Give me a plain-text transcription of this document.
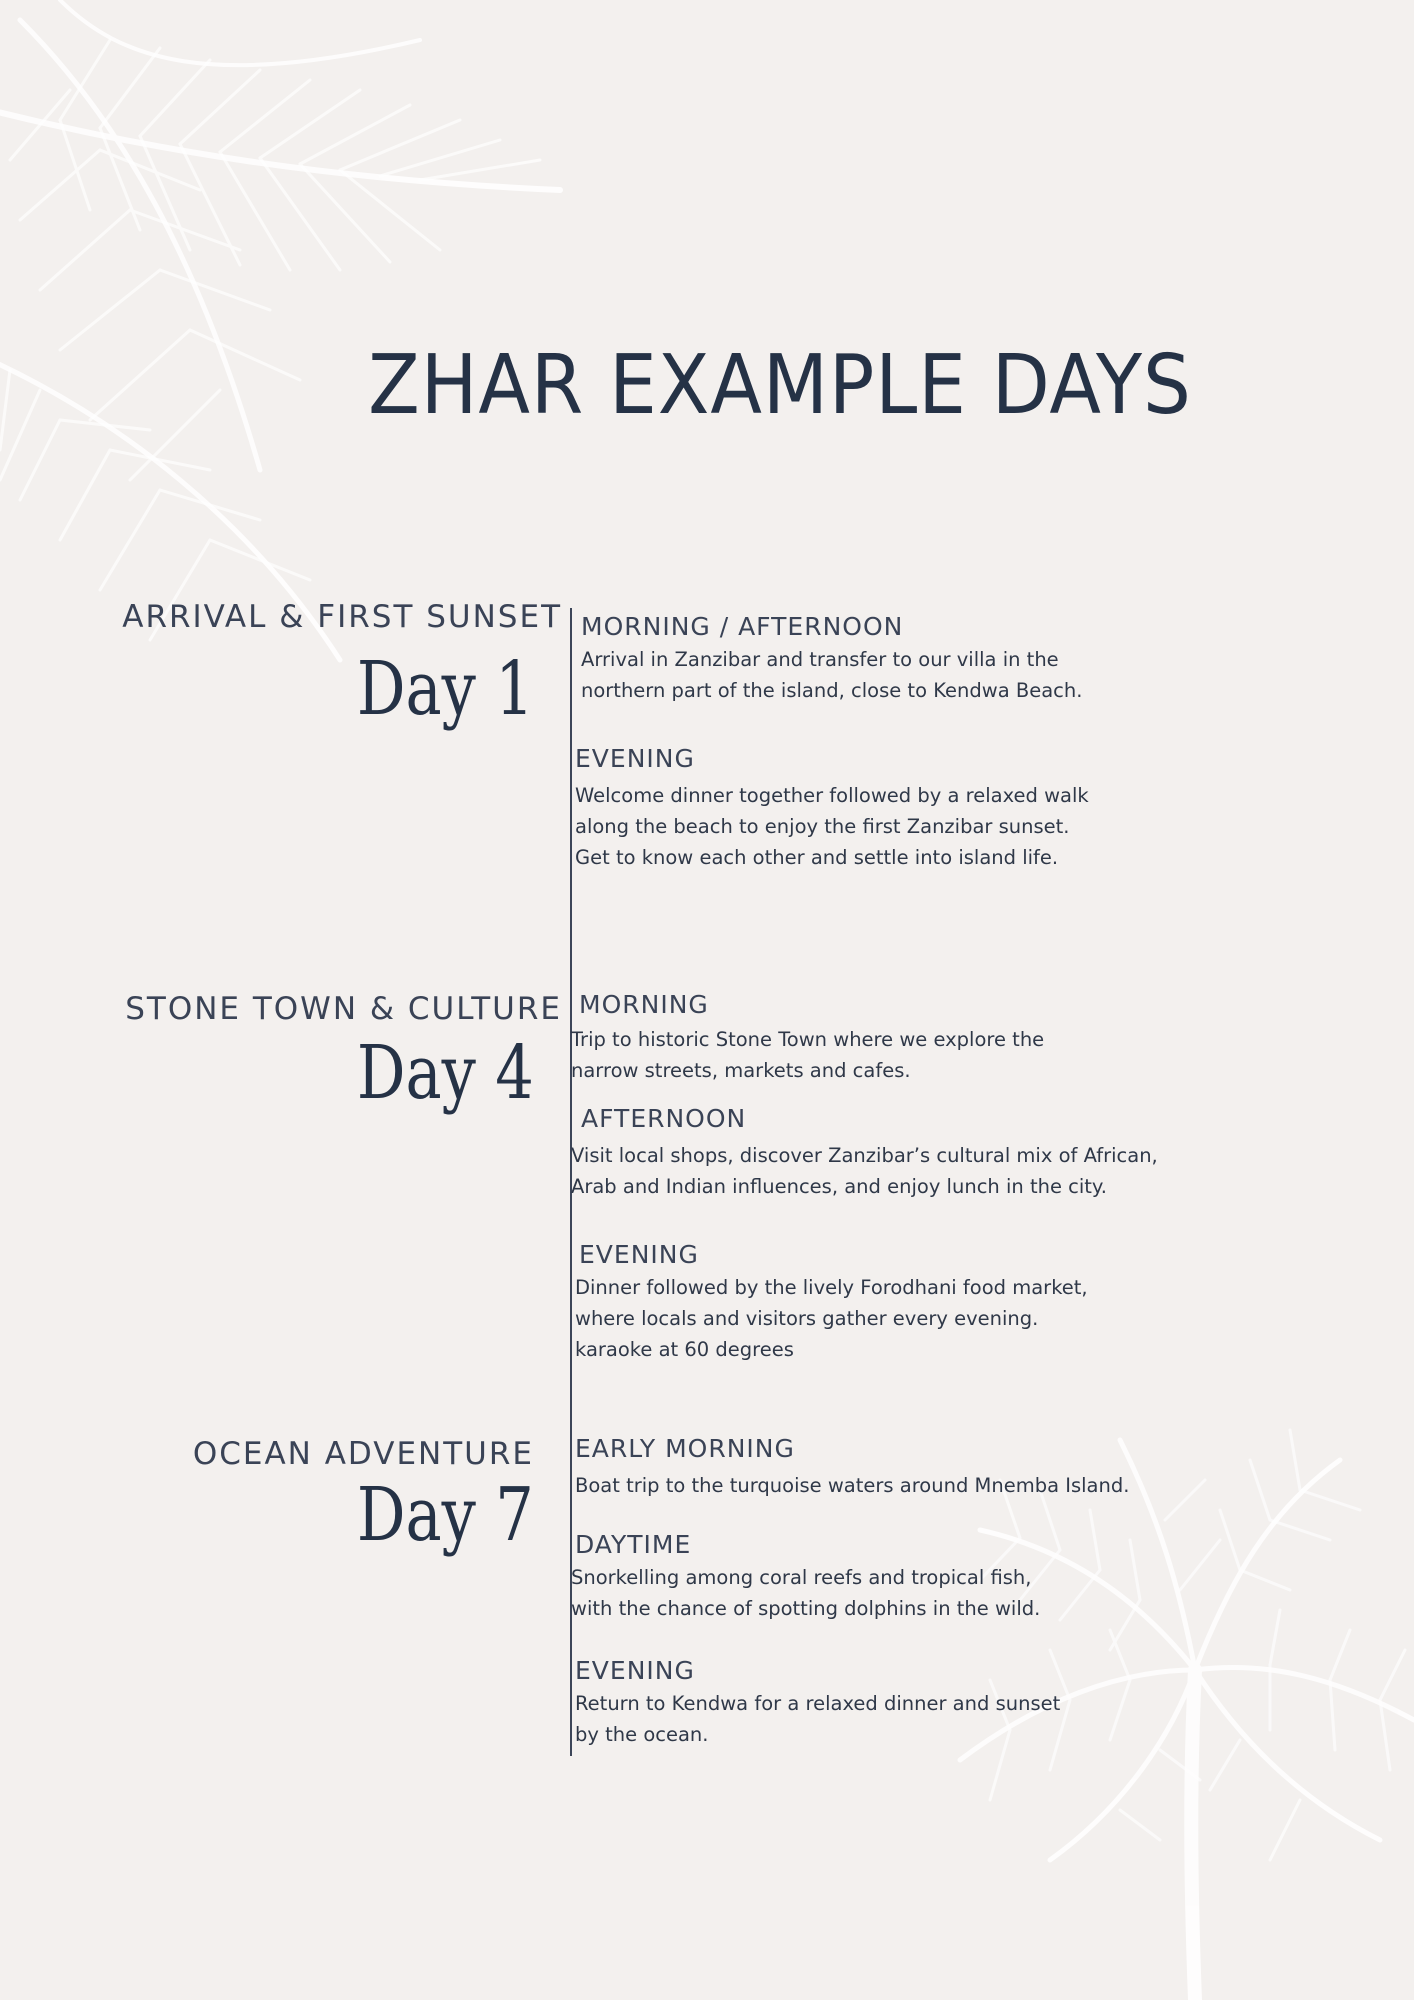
ZHAR EXAMPLE DAYS
ARRIVAL & FIRST SUNSET
Day 1
MORNING / AFTERNOON
Arrival in Zanzibar and transfer to our villa in the
northern part of the island, close to Kendwa Beach.
EVENING
Welcome dinner together followed by a relaxed walk
along the beach to enjoy the first Zanzibar sunset.
Get to know each other and settle into island life.
STONE TOWN & CULTURE
Day 4
MORNING
Trip to historic Stone Town where we explore the
narrow streets, markets and cafes.
AFTERNOON
Visit local shops, discover Zanzibar’s cultural mix of African,
Arab and Indian influences, and enjoy lunch in the city.
EVENING
Dinner followed by the lively Forodhani food market,
where locals and visitors gather every evening.
karaoke at 60 degrees
OCEAN ADVENTURE
Day 7
EARLY MORNING
Boat trip to the turquoise waters around Mnemba Island.
DAYTIME
Snorkelling among coral reefs and tropical fish,
with the chance of spotting dolphins in the wild.
EVENING
Return to Kendwa for a relaxed dinner and sunset
by the ocean.
